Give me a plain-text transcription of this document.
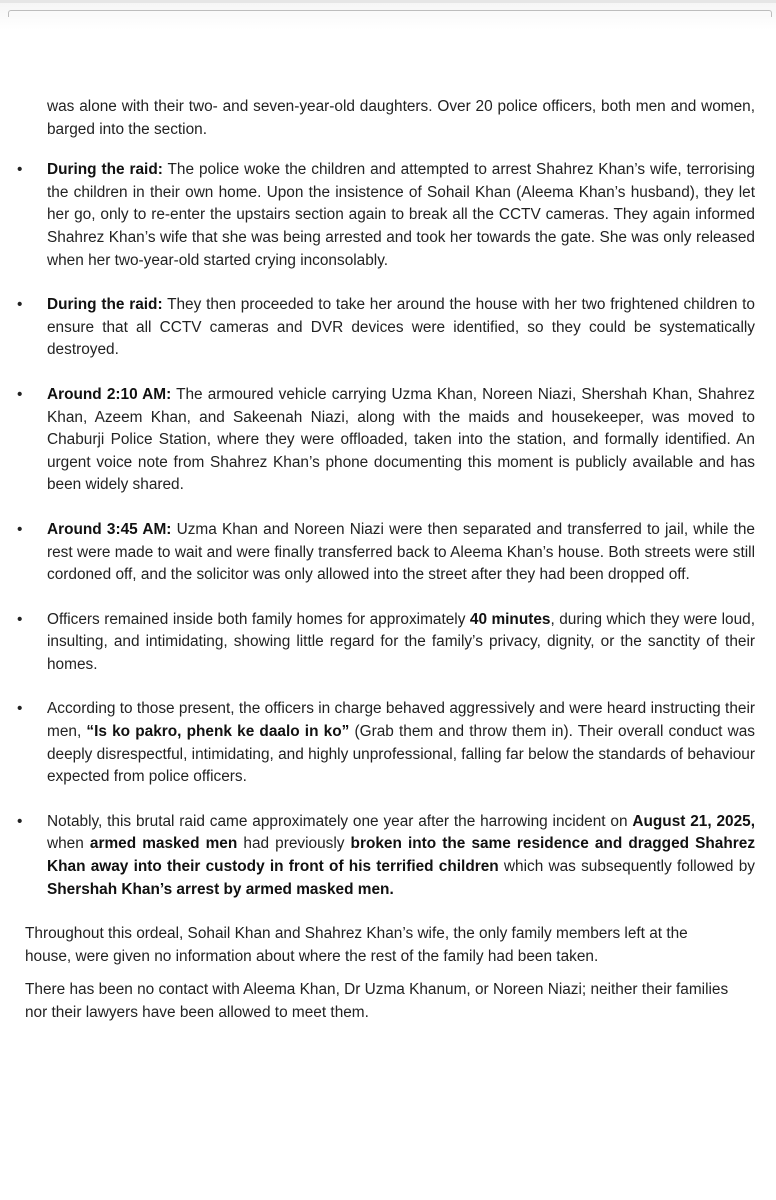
was alone with their two- and seven-year-old daughters. Over 20 police officers, both men and women, barged into the section.

• During the raid: The police woke the children and attempted to arrest Shahrez Khan’s wife, terrorising the children in their own home. Upon the insistence of Sohail Khan (Aleema Khan’s husband), they let her go, only to re-enter the upstairs section again to break all the CCTV cameras. They again informed Shahrez Khan’s wife that she was being arrested and took her towards the gate. She was only released when her two-year-old started crying inconsolably.
• During the raid: They then proceeded to take her around the house with her two frightened children to ensure that all CCTV cameras and DVR devices were identified, so they could be systematically destroyed.
• Around 2:10 AM: The armoured vehicle carrying Uzma Khan, Noreen Niazi, Shershah Khan, Shahrez Khan, Azeem Khan, and Sakeenah Niazi, along with the maids and housekeeper, was moved to Chaburji Police Station, where they were offloaded, taken into the station, and formally identified. An urgent voice note from Shahrez Khan’s phone documenting this moment is publicly available and has been widely shared.
• Around 3:45 AM: Uzma Khan and Noreen Niazi were then separated and transferred to jail, while the rest were made to wait and were finally transferred back to Aleema Khan’s house. Both streets were still cordoned off, and the solicitor was only allowed into the street after they had been dropped off.
• Officers remained inside both family homes for approximately 40 minutes, during which they were loud, insulting, and intimidating, showing little regard for the family’s privacy, dignity, or the sanctity of their homes.
• According to those present, the officers in charge behaved aggressively and were heard instructing their men, “Is ko pakro, phenk ke daalo in ko” (Grab them and throw them in). Their overall conduct was deeply disrespectful, intimidating, and highly unprofessional, falling far below the standards of behaviour expected from police officers.
• Notably, this brutal raid came approximately one year after the harrowing incident on August 21, 2025, when armed masked men had previously broken into the same residence and dragged Shahrez Khan away into their custody in front of his terrified children which was subsequently followed by Shershah Khan’s arrest by armed masked men.

Throughout this ordeal, Sohail Khan and Shahrez Khan’s wife, the only family members left at the house, were given no information about where the rest of the family had been taken.

There has been no contact with Aleema Khan, Dr Uzma Khanum, or Noreen Niazi; neither their families nor their lawyers have been allowed to meet them.
